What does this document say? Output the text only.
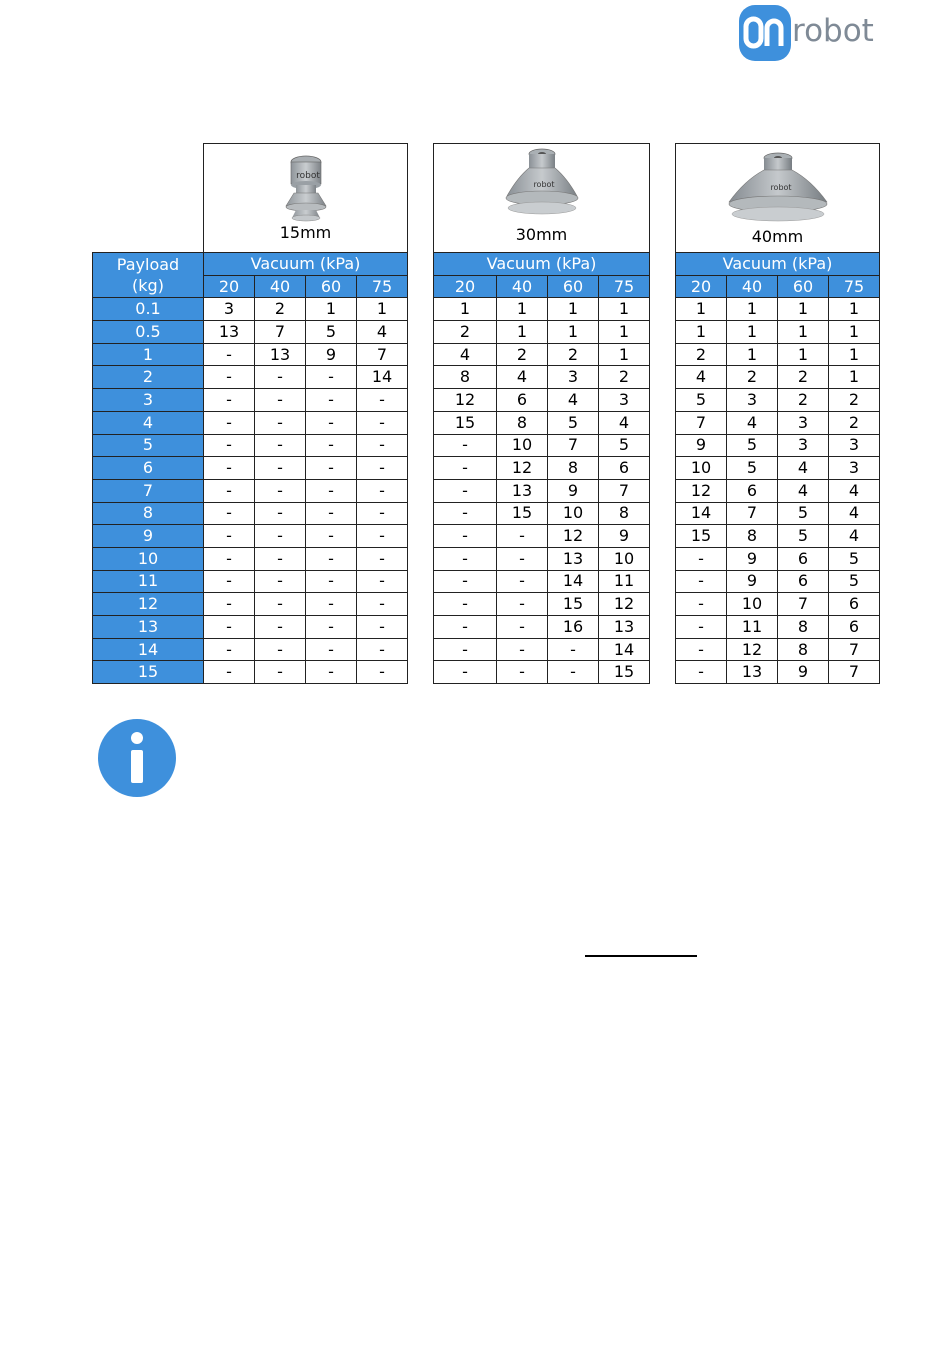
robot

robot
15mm					robot
30mm					robot
40mm			

Payload
(kg)	Vacuum (kPa)					Vacuum (kPa)					Vacuum (kPa)			
	20	40	60	75		20	40	60	75		20	40	60	75
0.1	3	2	1	1		1	1	1	1		1	1	1	1
0.5	13	7	5	4		2	1	1	1		1	1	1	1
1	-	13	9	7		4	2	2	1		2	1	1	1
2	-	-	-	14		8	4	3	2		4	2	2	1
3	-	-	-	-		12	6	4	3		5	3	2	2
4	-	-	-	-		15	8	5	4		7	4	3	2
5	-	-	-	-		-	10	7	5		9	5	3	3
6	-	-	-	-		-	12	8	6		10	5	4	3
7	-	-	-	-		-	13	9	7		12	6	4	4
8	-	-	-	-		-	15	10	8		14	7	5	4
9	-	-	-	-		-	-	12	9		15	8	5	4
10	-	-	-	-		-	-	13	10		-	9	6	5
11	-	-	-	-		-	-	14	11		-	9	6	5
12	-	-	-	-		-	-	15	12		-	10	7	6
13	-	-	-	-		-	-	16	13		-	11	8	6
14	-	-	-	-		-	-	-	14		-	12	8	7
15	-	-	-	-		-	-	-	15		-	13	9	7
